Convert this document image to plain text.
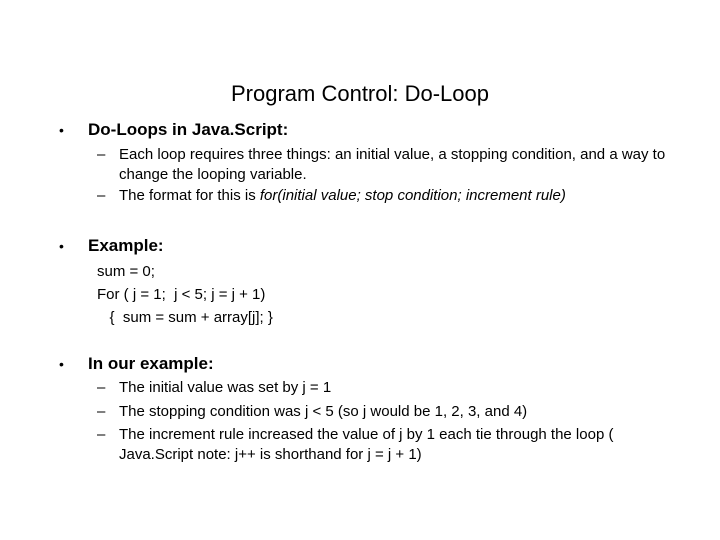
Program Control: Do-Loop
• Do-Loops in Java.Script:
– Each loop requires three things: an initial value, a stopping condition, and a way to change the looping variable.
– The format for this is for(initial value; stop condition; increment rule)
• Example:
sum = 0;
For ( j = 1;  j < 5; j = j + 1)
{  sum = sum + array[j]; }
• In our example:
– The initial value was set by j = 1
– The stopping condition was j < 5 (so j would be 1, 2, 3, and 4)
– The increment rule increased the value of j by 1 each tie through the loop ( Java.Script note: j++ is shorthand for j = j + 1)
